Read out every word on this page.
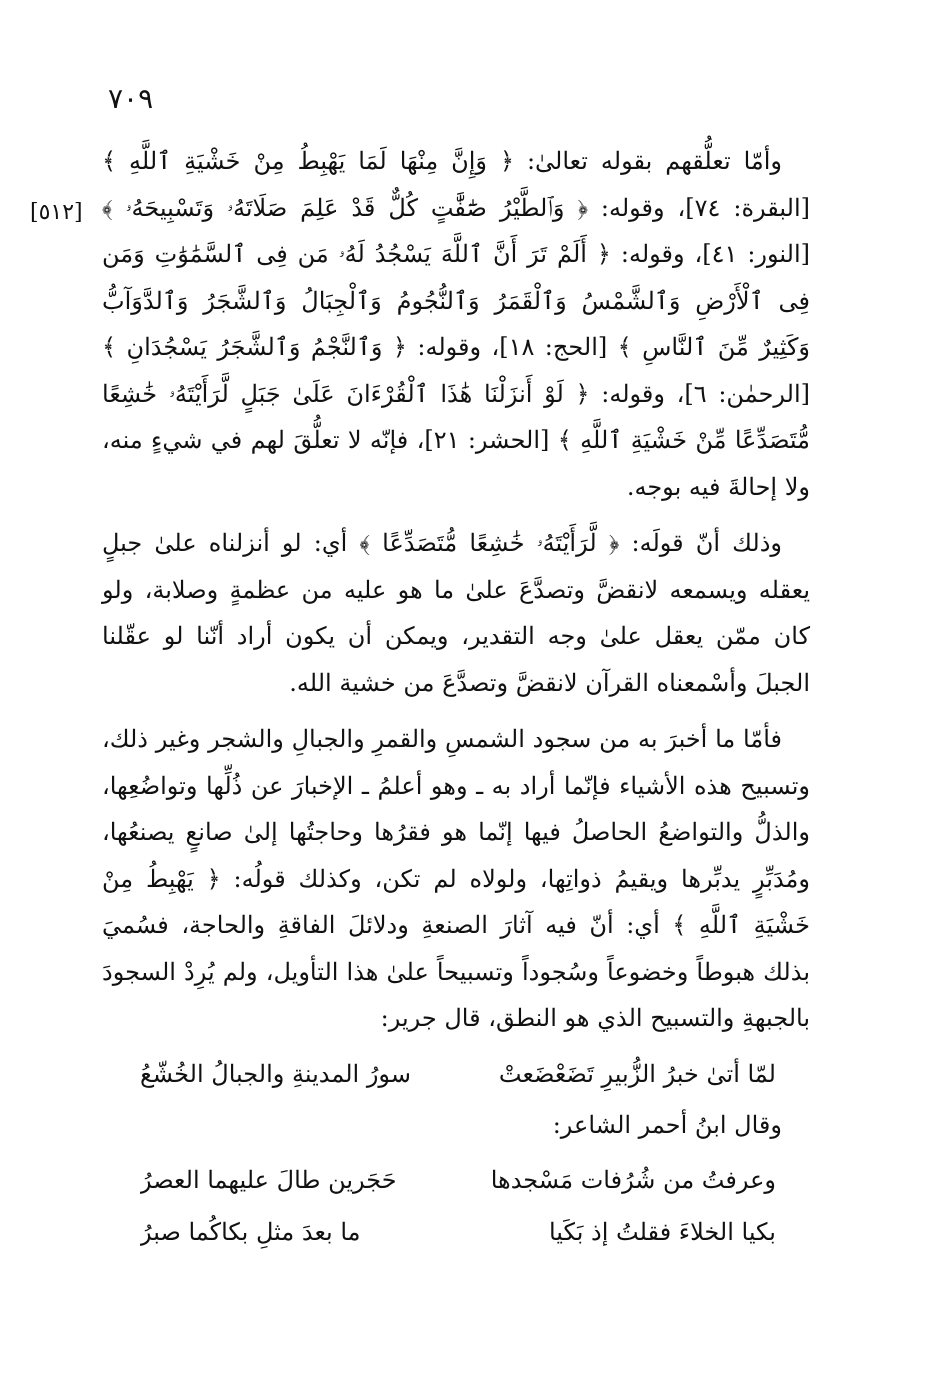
٧٠٩
[٥١٢]

وأمّا تعلُّقهم بقوله تعالىٰ: ﴿ وَإِنَّ مِنْهَا لَمَا يَهْبِطُ مِنْ خَشْيَةِ ٱللَّهِ ﴾ [البقرة: ٧٤]، وقوله: ﴿ وَٱلطَّيْرُ صَٰٓفَّٰتٍ كُلٌّ قَدْ عَلِمَ صَلَاتَهُۥ وَتَسْبِيحَهُۥ ﴾ [النور: ٤١]، وقوله: ﴿ أَلَمْ تَرَ أَنَّ ٱللَّهَ يَسْجُدُ لَهُۥ مَن فِى ٱلسَّمَٰوَٰتِ وَمَن فِى ٱلْأَرْضِ وَٱلشَّمْسُ وَٱلْقَمَرُ وَٱلنُّجُومُ وَٱلْجِبَالُ وَٱلشَّجَرُ وَٱلدَّوَآبُّ وَكَثِيرٌ مِّنَ ٱلنَّاسِ ﴾ [الحج: ١٨]، وقوله: ﴿ وَٱلنَّجْمُ وَٱلشَّجَرُ يَسْجُدَانِ ﴾ [الرحمٰن: ٦]، وقوله: ﴿ لَوْ أَنزَلْنَا هَٰذَا ٱلْقُرْءَانَ عَلَىٰ جَبَلٍ لَّرَأَيْتَهُۥ خَٰشِعًا مُّتَصَدِّعًا مِّنْ خَشْيَةِ ٱللَّهِ ﴾ [الحشر: ٢١]، فإنّه لا تعلُّقَ لهم في شيءٍ منه، ولا إحالةَ فيه بوجه.

وذلك أنّ قولَه: ﴿ لَّرَأَيْتَهُۥ خَٰشِعًا مُّتَصَدِّعًا ﴾ أي: لو أنزلناه علىٰ جبلٍ يعقله ويسمعه لانقضَّ وتصدَّعَ علىٰ ما هو عليه من عظمةٍ وصلابة، ولو كان ممّن يعقل علىٰ وجه التقدير، ويمكن أن يكون أراد أنّنا لو عقّلنا الجبلَ وأسْمعناه القرآن لانقضَّ وتصدَّعَ من خشية الله.

فأمّا ما أخبرَ به من سجود الشمسِ والقمرِ والجبالِ والشجر وغير ذلك، وتسبيح هذه الأشياء فإنّما أراد به ـ وهو أعلمُ ـ الإخبارَ عن ذُلِّها وتواضُعِها، والذلُّ والتواضعُ الحاصلُ فيها إنّما هو فقرُها وحاجتُها إلىٰ صانعٍ يصنعُها، ومُدَبِّرٍ يدبِّرها ويقيمُ ذواتِها، ولولاه لم تكن، وكذلك قولُه: ﴿ يَهْبِطُ مِنْ خَشْيَةِ ٱللَّهِ ﴾ أي: أنّ فيه آثارَ الصنعةِ ودلائلَ الفاقةِ والحاجة، فسُميَ بذلك هبوطاً وخضوعاً وسُجوداً وتسبيحاً علىٰ هذا التأويل، ولم يُرِدْ السجودَ بالجبهةِ والتسبيح الذي هو النطق، قال جرير:

لمّا أتىٰ خبرُ الزُّبيرِ تَضَعْضَعتْ
سورُ المدينةِ والجبالُ الخُشّعُ
وقال ابنُ أحمر الشاعر:
وعرفتُ من شُرُفات مَسْجدها
حَجَرين طالَ عليهما العصرُ
بكيا الخلاءَ فقلتُ إذ بَكَيا
ما بعدَ مثلِ بكاكُما صبرُ
